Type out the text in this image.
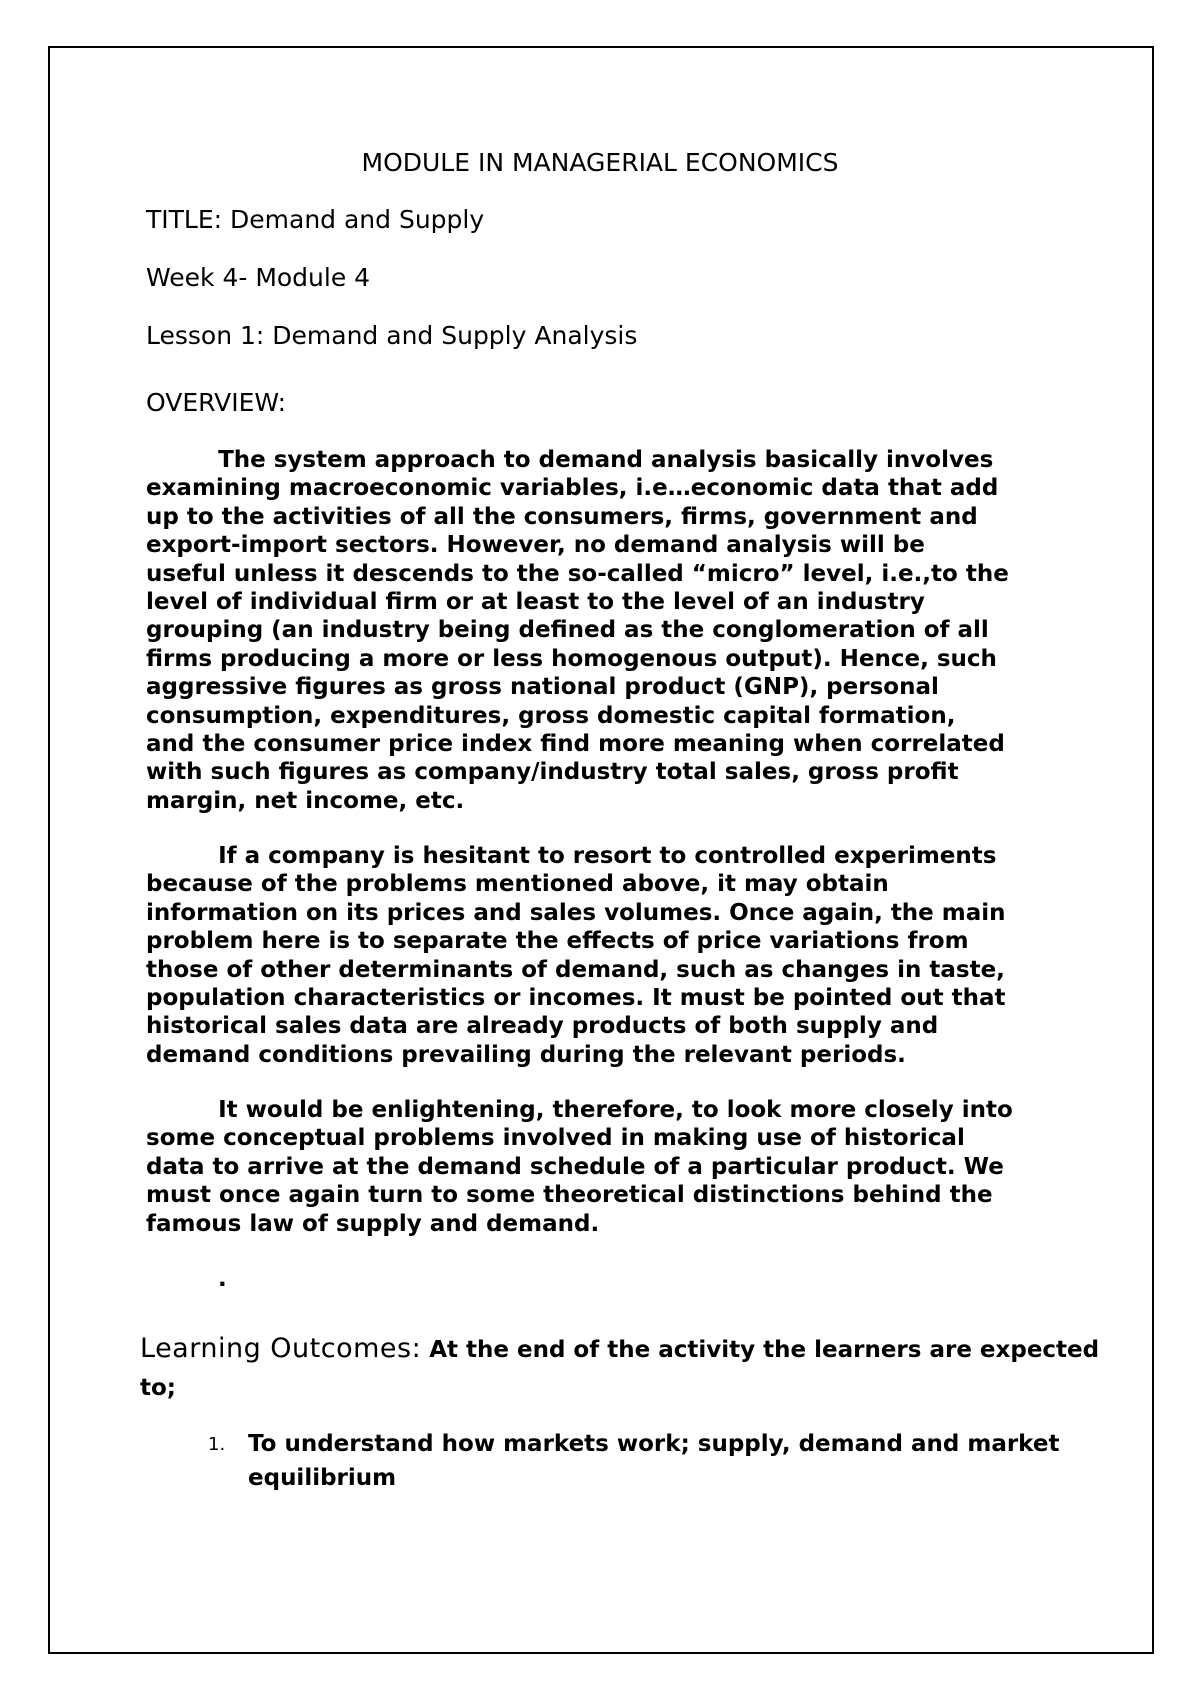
MODULE IN MANAGERIAL ECONOMICS
TITLE: Demand and Supply
Week 4- Module 4
Lesson 1: Demand and Supply Analysis
OVERVIEW:
The system approach to demand analysis basically involves
examining macroeconomic variables, i.e…economic data that add
up to the activities of all the consumers, firms, government and
export-import sectors. However, no demand analysis will be
useful unless it descends to the so-called “micro” level, i.e.,to the
level of individual firm or at least to the level of an industry
grouping (an industry being defined as the conglomeration of all
firms producing a more or less homogenous output). Hence, such
aggressive figures as gross national product (GNP), personal
consumption, expenditures, gross domestic capital formation,
and the consumer price index find more meaning when correlated
with such figures as company/industry total sales, gross profit
margin, net income, etc.
If a company is hesitant to resort to controlled experiments
because of the problems mentioned above, it may obtain
information on its prices and sales volumes. Once again, the main
problem here is to separate the effects of price variations from
those of other determinants of demand, such as changes in taste,
population characteristics or incomes. It must be pointed out that
historical sales data are already products of both supply and
demand conditions prevailing during the relevant periods.
It would be enlightening, therefore, to look more closely into
some conceptual problems involved in making use of historical
data to arrive at the demand schedule of a particular product. We
must once again turn to some theoretical distinctions behind the
famous law of supply and demand.
.
Learning Outcomes: At the end of the activity the learners are expected to;
1. To understand how markets work; supply, demand and market equilibrium
